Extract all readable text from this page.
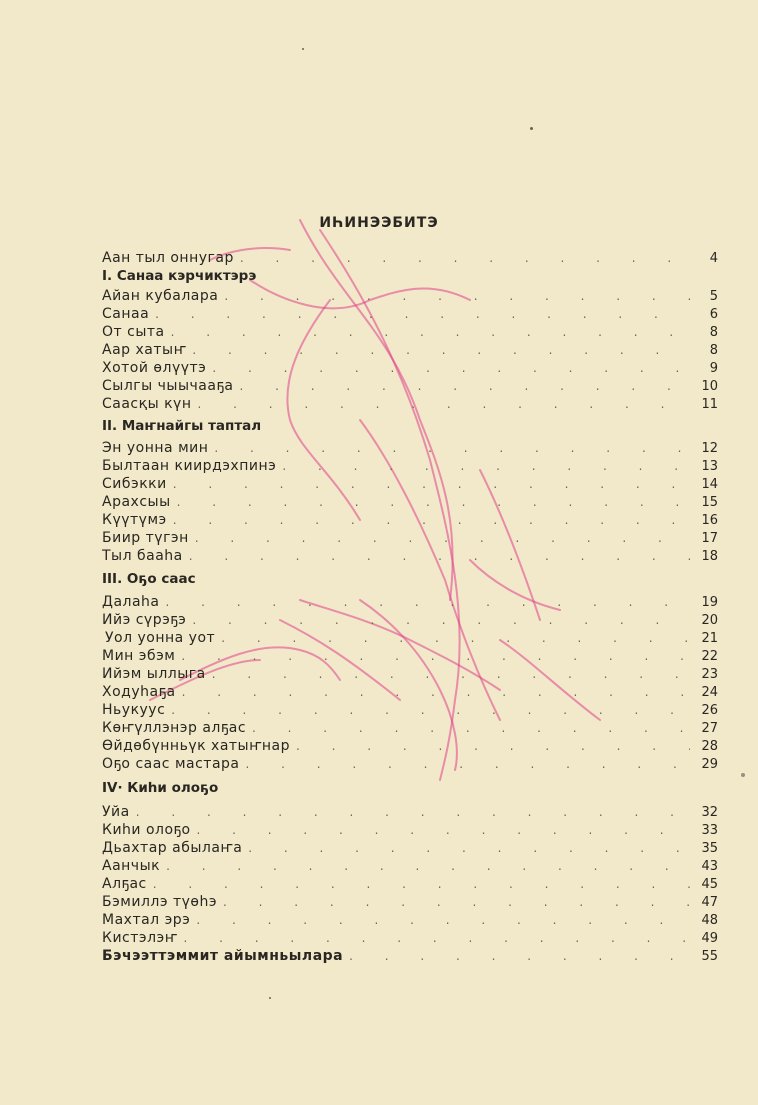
ИҺИНЭЭБИТЭ
Аан тыл оннугар . . .	4
I. Санаа кэрчиктэрэ
Айан кубалара . . .	5
Санаа . . .	6
От сыта . . .	8
Аар хатыҥ . . .	8
Хотой өлүүтэ . . .	9
Сылгы чыычааҕа . . .	10
Саасқы күн . . .	11
II. Маҥнайгы таптал
Эн уонна мин . . .	12
Былтаан киирдэхпинэ . . .	13
Сибэкки . . .	14
Арахсыы . . .	15
Күүтүмэ . . .	16
Биир түгэн . . .	17
Тыл бааһа . . .	18
III. Оҕо саас
Далаһа . . .	19
Ийэ сүрэҕэ . . .	20
Уол уонна уот . . .	21
Мин эбэм . . .	22
Ийэм ыллыга . . .	23
Ходуһаҕа . . .	24
Ньукуус . . .	26
Көҥүллэнэр алҕас . . .	27
Өйдөбүнньүк хатыҥнар . . .	28
Оҕо саас мастара . . .	29
IV· Киһи олоҕо
Уйа . . .	32
Киһи олоҕо . . .	33
Дьахтар абылаҥа . . .	35
Аанчык . . .	43
Алҕас . . .	45
Бэмиллэ түөһэ . . .	47
Махтал эрэ . . .	48
Кистэлэҥ . . .	49
Бэчээттэммит айымньылара . . .	55
